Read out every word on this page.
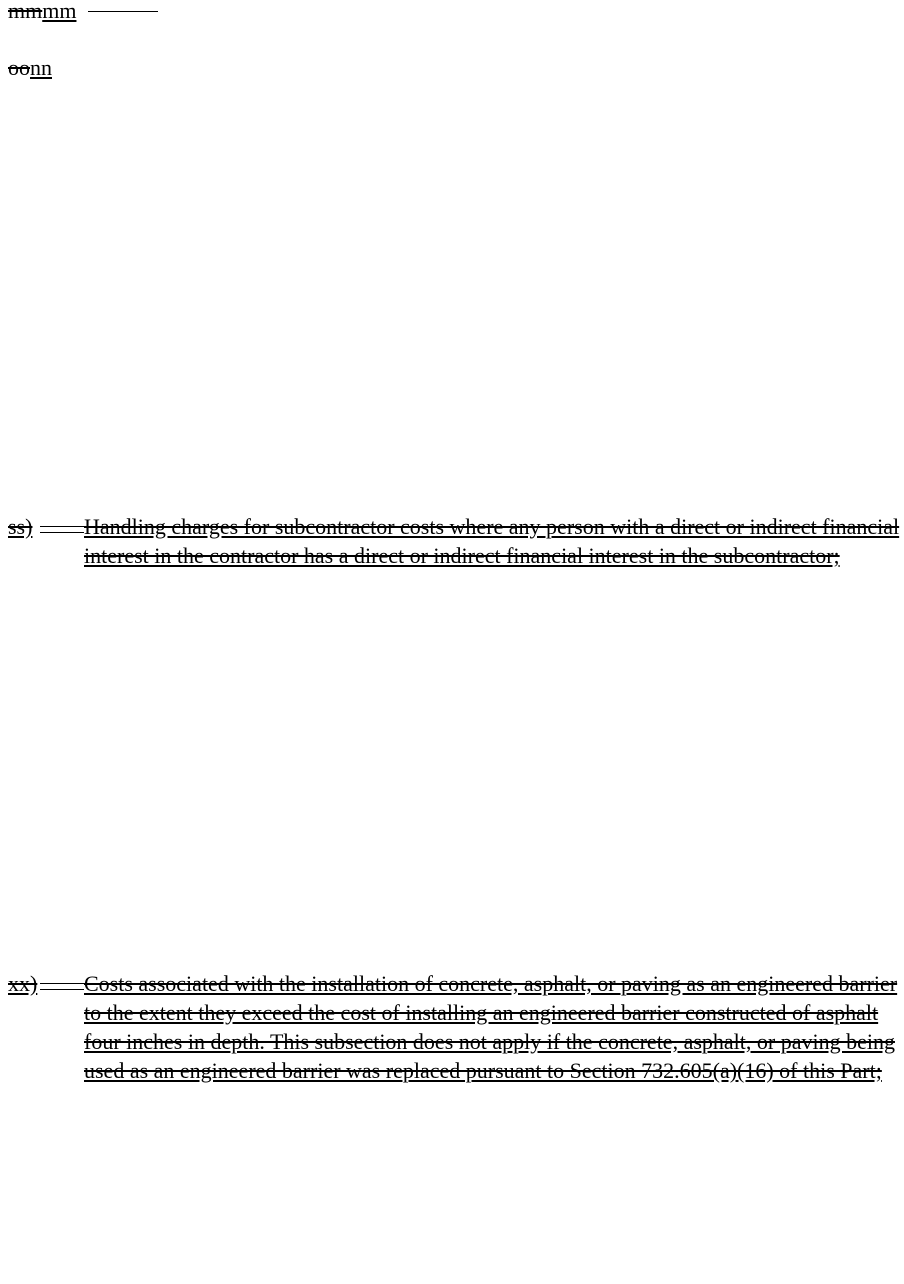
mmmm
oonn
ss) Handling charges for subcontractor costs where any person with a direct or indirect financial interest in the contractor has a direct or indirect financial interest in the subcontractor;
xx) Costs associated with the installation of concrete, asphalt, or paving as an engineered barrier to the extent they exceed the cost of installing an engineered barrier constructed of asphalt four inches in depth. This subsection does not apply if the concrete, asphalt, or paving being used as an engineered barrier was replaced pursuant to Section 732.605(a)(16) of this Part;
